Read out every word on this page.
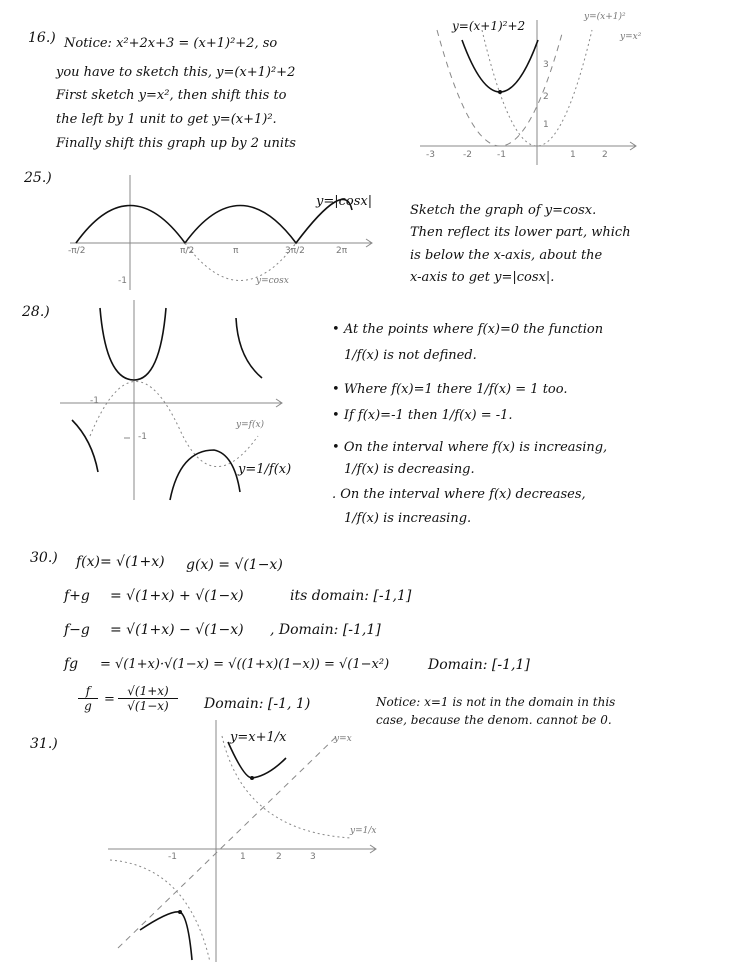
16.) Notice: x²+2x+3 = (x+1)²+2, so
you have to sketch this, y=(x+1)²+2
First sketch y=x², then shift this to
the left by 1 unit to get y=(x+1)².
Finally shift this graph up by 2 units
y=(x+1)²+2
y=(x+1)²
y=x²
-3	-2	-1	1	2
3
2
1
25.)
y=|cosx|
y=cosx
-π/2	π/2	π	3π/2	2π
-1
Sketch the graph of y=cosx.
Then reflect its lower part, which
is below the x-axis, about the
x-axis to get y=|cosx|.
28.)
-1
-1
y=f(x)
y=1/f(x)
• At the points where f(x)=0 the function
1/f(x) is not defined.
• Where f(x)=1 there 1/f(x) = 1 too.
• If f(x)=-1 then 1/f(x) = -1.
• On the interval where f(x) is increasing,
1/f(x) is decreasing.
. On the interval where f(x) decreases,
1/f(x) is increasing.
30.) f(x)= √(1+x) g(x) = √(1−x)
f+g = √(1+x) + √(1−x)	its domain: [-1,1]
f−g = √(1+x) − √(1−x) , Domain: [-1,1]
fg = √(1+x)·√(1−x) = √((1+x)(1−x)) = √(1−x²)	Domain: [-1,1]
$\frac{f}{g} = \frac{√(1+x)}{√(1-x)}$ Domain: [-1, 1)	Notice: x=1 is not in the domain in this
case, because the denom. cannot be 0.
31.)	y=x+1/x	y=x
y=1/x
-1	1	2	3
